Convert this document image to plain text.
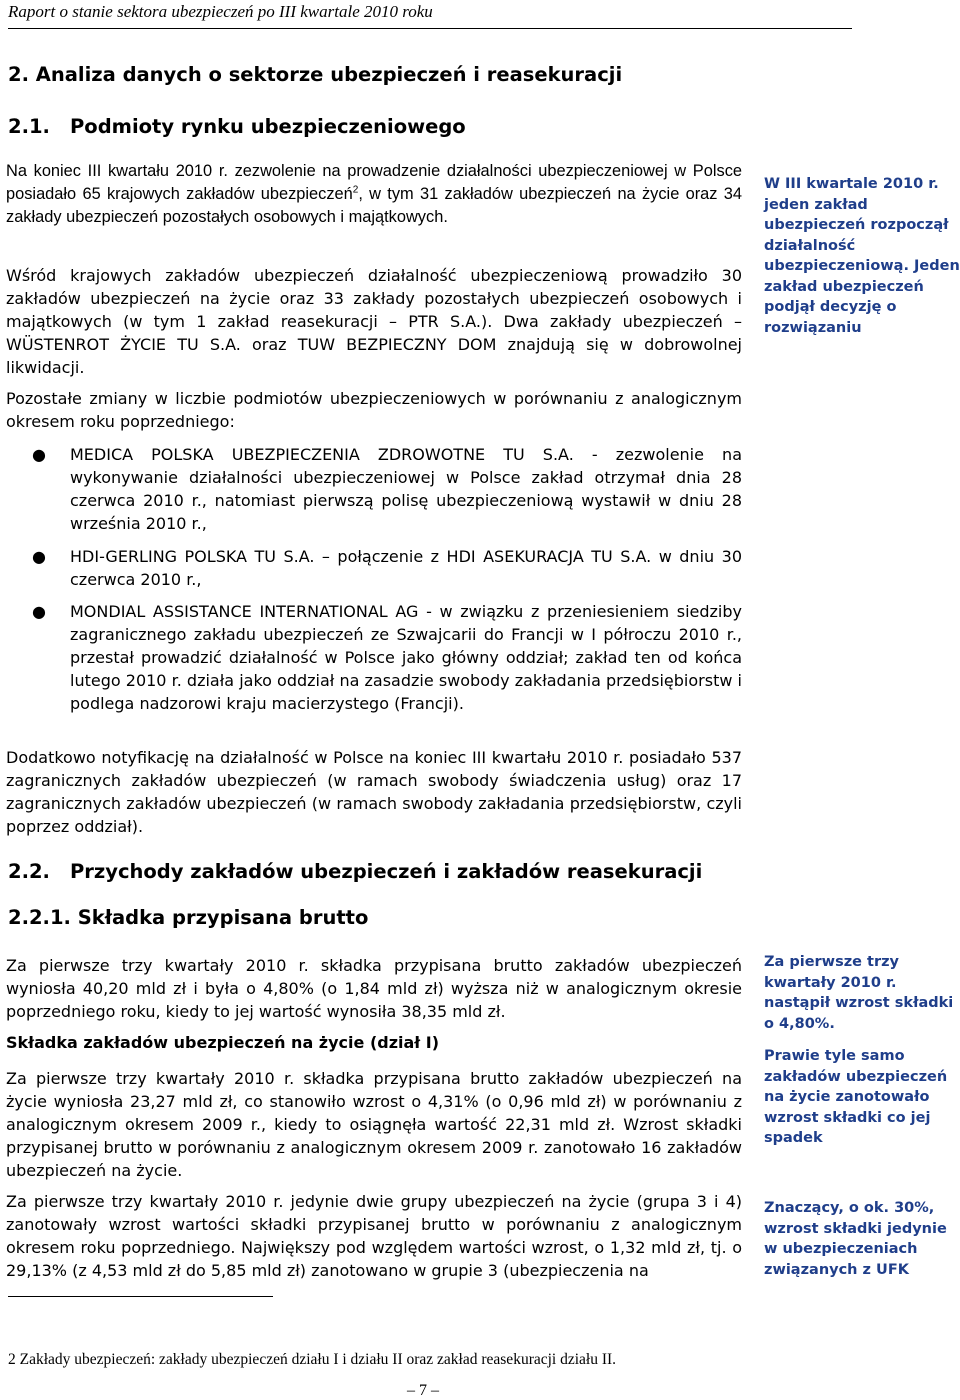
Raport o stanie sektora ubezpieczeń po III kwartale 2010 roku
2. Analiza danych o sektorze ubezpieczeń i reasekuracji
2.1. Podmioty rynku ubezpieczeniowego
Na koniec III kwartału 2010 r. zezwolenie na prowadzenie działalności ubezpieczeniowej w Polsce posiadało 65 krajowych zakładów ubezpieczeń$^2$, w tym 31 zakładów ubezpieczeń na życie oraz 34 zakłady ubezpieczeń pozostałych osobowych i majątkowych.
Wśród krajowych zakładów ubezpieczeń działalność ubezpieczeniową prowadziło 30 zakładów ubezpieczeń na życie oraz 33 zakłady pozostałych ubezpieczeń osobowych i majątkowych (w tym 1 zakład reasekuracji – PTR S.A.). Dwa zakłady ubezpieczeń – WÜSTENROT ŻYCIE TU S.A. oraz TUW BEZPIECZNY DOM znajdują się w dobrowolnej likwidacji.
Pozostałe zmiany w liczbie podmiotów ubezpieczeniowych w porównaniu z analogicznym okresem roku poprzedniego:
● MEDICA POLSKA UBEZPIECZENIA ZDROWOTNE TU S.A. - zezwolenie na wykonywanie działalności ubezpieczeniowej w Polsce zakład otrzymał dnia 28 czerwca 2010 r., natomiast pierwszą polisę ubezpieczeniową wystawił w dniu 28 września 2010 r.,
● HDI-GERLING POLSKA TU S.A. – połączenie z HDI ASEKURACJA TU S.A. w dniu 30 czerwca 2010 r.,
● MONDIAL ASSISTANCE INTERNATIONAL AG - w związku z przeniesieniem siedziby zagranicznego zakładu ubezpieczeń ze Szwajcarii do Francji w I półroczu 2010 r., przestał prowadzić działalność w Polsce jako główny oddział; zakład ten od końca lutego 2010 r. działa jako oddział na zasadzie swobody zakładania przedsiębiorstw i podlega nadzorowi kraju macierzystego (Francji).
Dodatkowo notyfikację na działalność w Polsce na koniec III kwartału 2010 r. posiadało 537 zagranicznych zakładów ubezpieczeń (w ramach swobody świadczenia usług) oraz 17 zagranicznych zakładów ubezpieczeń (w ramach swobody zakładania przedsiębiorstw, czyli poprzez oddział).
2.2. Przychody zakładów ubezpieczeń i zakładów reasekuracji
2.2.1. Składka przypisana brutto
Za pierwsze trzy kwartały 2010 r. składka przypisana brutto zakładów ubezpieczeń wyniosła 40,20 mld zł i była o 4,80% (o 1,84 mld zł) wyższa niż w analogicznym okresie poprzedniego roku, kiedy to jej wartość wynosiła 38,35 mld zł.
Składka zakładów ubezpieczeń na życie (dział I)
Za pierwsze trzy kwartały 2010 r. składka przypisana brutto zakładów ubezpieczeń na życie wyniosła 23,27 mld zł, co stanowiło wzrost o 4,31% (o 0,96 mld zł) w porównaniu z analogicznym okresem 2009 r., kiedy to osiągnęła wartość 22,31 mld zł. Wzrost składki przypisanej brutto w porównaniu z analogicznym okresem 2009 r. zanotowało 16 zakładów ubezpieczeń na życie.
Za pierwsze trzy kwartały 2010 r. jedynie dwie grupy ubezpieczeń na życie (grupa 3 i 4) zanotowały wzrost wartości składki przypisanej brutto w porównaniu z analogicznym okresem roku poprzedniego. Największy pod względem wartości wzrost, o 1,32 mld zł, tj. o 29,13% (z 4,53 mld zł do 5,85 mld zł) zanotowano w grupie 3 (ubezpieczenia na
W III kwartale 2010 r. jeden zakład ubezpieczeń rozpoczął działalność ubezpieczeniową. Jeden zakład ubezpieczeń podjął decyzję o rozwiązaniu
Za pierwsze trzy kwartały 2010 r. nastąpił wzrost składki o 4,80%.
Prawie tyle samo zakładów ubezpieczeń na życie zanotowało wzrost składki co jej spadek
Znaczący, o ok. 30%, wzrost składki jedynie w ubezpieczeniach związanych z UFK
2 Zakłady ubezpieczeń: zakłady ubezpieczeń działu I i działu II oraz zakład reasekuracji działu II.
– 7 –
